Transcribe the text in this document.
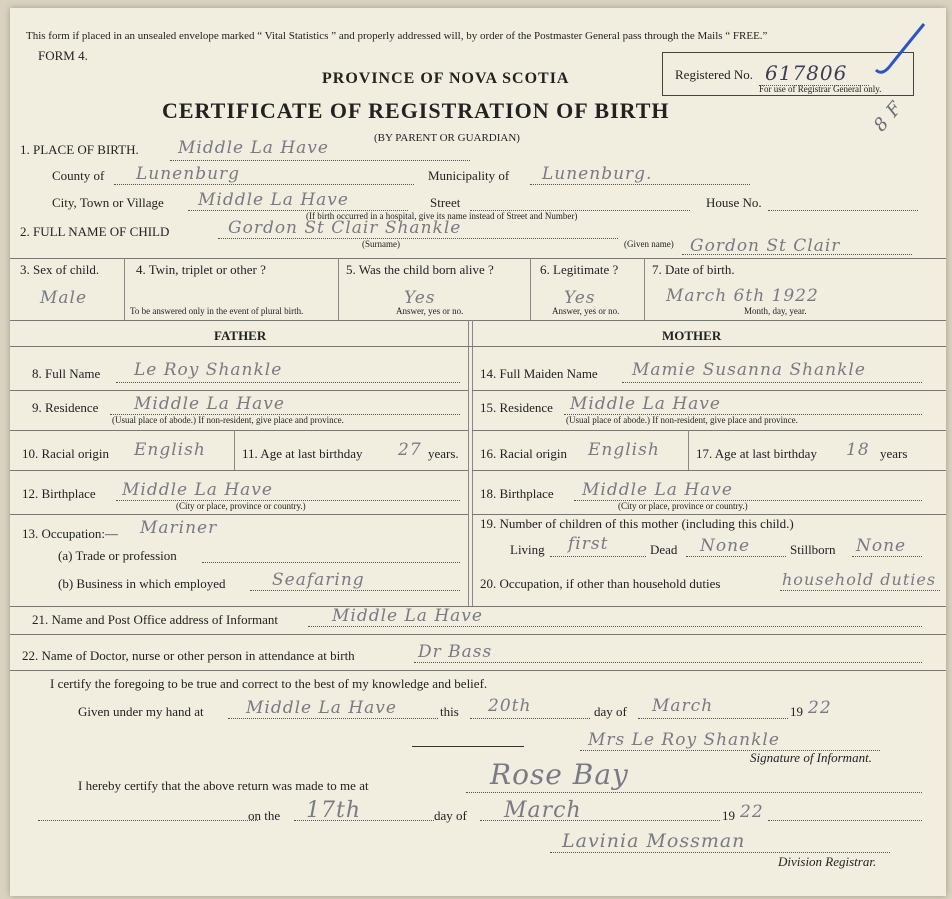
This form if placed in an unsealed envelope marked “ Vital Statistics ” and properly addressed will, by order of the Postmaster General pass through the Mails “ FREE.”
FORM 4.
PROVINCE OF NOVA SCOTIA
CERTIFICATE OF REGISTRATION OF BIRTH
(BY PARENT OR GUARDIAN)
Registered No. 617806
For use of Registrar General only.
8 F
1. PLACE OF BIRTH. Middle La Have
County of Lunenburg	Municipality of Lunenburg.
City, Town or Village Middle La Have	Street	House No.
(If birth occurred in a hospital, give its name instead of Street and Number)
2. FULL NAME OF CHILD	Gordon St Clair Shankle
(Surname)	(Given name) Gordon St Clair
3. Sex of child.
Male
4. Twin, triplet or other ?
To be answered only in the event of plural birth.
5. Was the child born alive ?
Yes
Answer, yes or no.
6. Legitimate ?
Yes
Answer, yes or no.
7. Date of birth.
March 6th 1922
Month, day, year.
FATHER	MOTHER
8. Full Name Le Roy Shankle
9. Residence Middle La Have
(Usual place of abode.) If non-resident, give place and province.
10. Racial origin English	11. Age at last birthday 27 years.
12. Birthplace Middle La Have
(City or place, province or country.)
13. Occupation:— Mariner
(a) Trade or profession
(b) Business in which employed	Seafaring
14. Full Maiden Name Mamie Susanna Shankle
15. Residence Middle La Have
(Usual place of abode.) If non-resident, give place and province.
16. Racial origin English	17. Age at last birthday 18 years
18. Birthplace Middle La Have
(City or place, province or country.)
19. Number of children of this mother (including this child.)
Living first	Dead None	Stillborn None
20. Occupation, if other than household duties	household duties
21. Name and Post Office address of Informant	Middle La Have
22. Name of Doctor, nurse or other person in attendance at birth	Dr Bass
I certify the foregoing to be true and correct to the best of my knowledge and belief.
Given under my hand at Middle La Have	this 20th	day of March	19 22
Mrs Le Roy Shankle
Signature of Informant.
I hereby certify that the above return was made to me at	Rose Bay
on the 17th	day of March	19 22
Lavinia Mossman
Division Registrar.
